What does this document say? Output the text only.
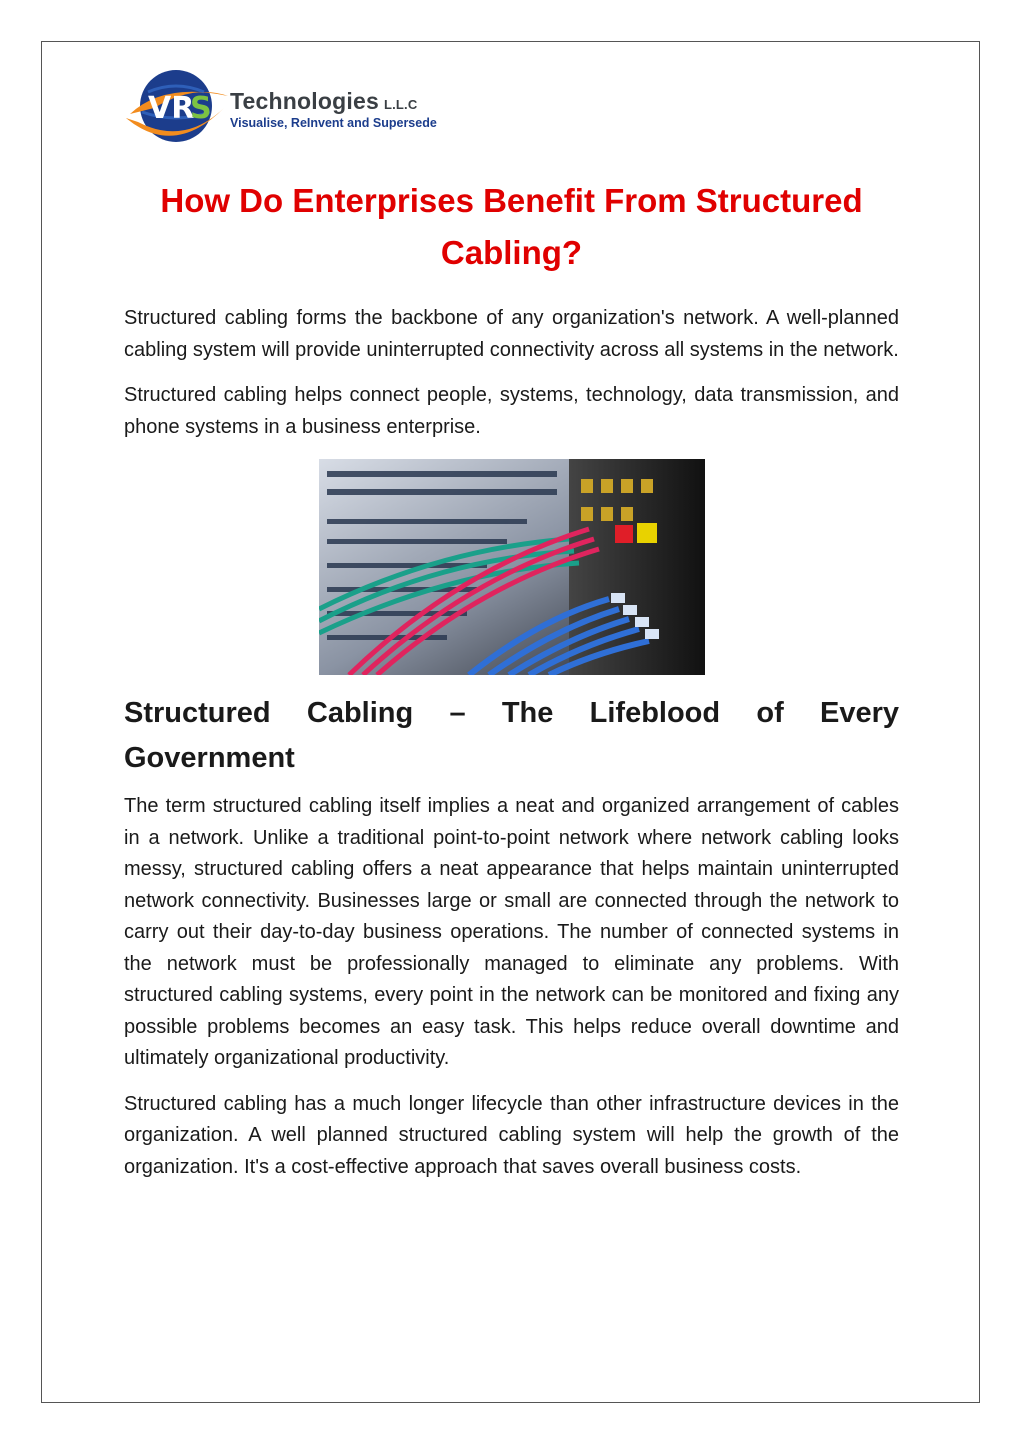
VR
S Technologies L.L.C
Visualise, ReInvent and Supersede
How Do Enterprises Benefit From Structured Cabling?

Structured cabling forms the backbone of any organization's network. A well-planned cabling system will provide uninterrupted connectivity across all systems in the network.

Structured cabling helps connect people, systems, technology, data transmission, and phone systems in a business enterprise.

Structured Cabling – The Lifeblood of Every Government

The term structured cabling itself implies a neat and organized arrangement of cables in a network. Unlike a traditional point-to-point network where network cabling looks messy, structured cabling offers a neat appearance that helps maintain uninterrupted network connectivity. Businesses large or small are connected through the network to carry out their day-to-day business operations. The number of connected systems in the network must be professionally managed to eliminate any problems. With structured cabling systems, every point in the network can be monitored and fixing any possible problems becomes an easy task. This helps reduce overall downtime and ultimately organizational productivity.

Structured cabling has a much longer lifecycle than other infrastructure devices in the organization. A well planned structured cabling system will help the growth of the organization. It's a cost-effective approach that saves overall business costs.
